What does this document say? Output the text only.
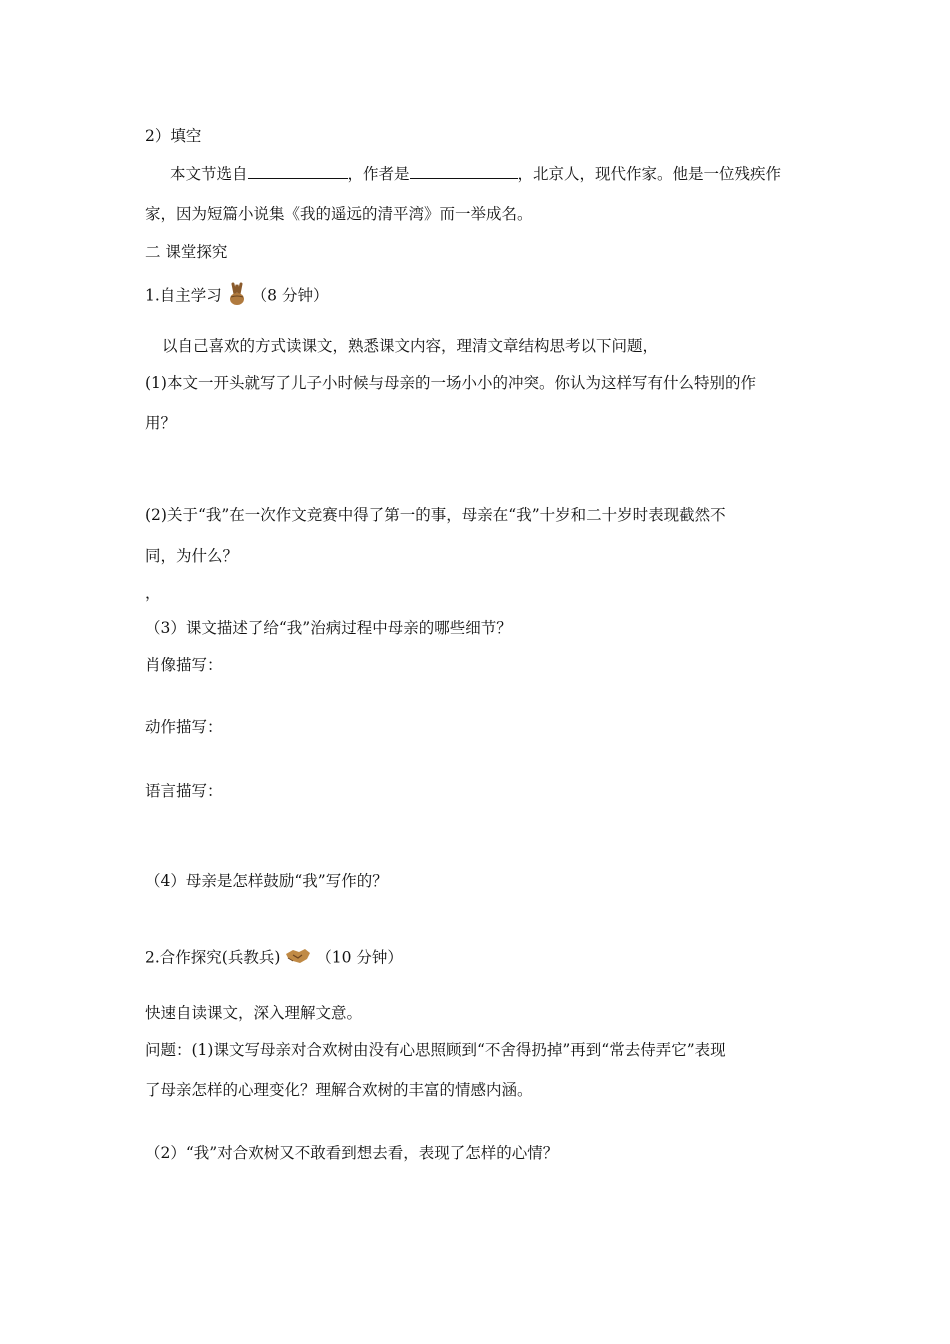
2）填空
本文节选自	，作者是	，北京人，现代作家。他是一位残疾作
家，因为短篇小说集《我的遥远的清平湾》而一举成名。
二 课堂探究
1.自主学习 （8 分钟）
以自己喜欢的方式读课文，熟悉课文内容，理清文章结构思考以下问题，
(1)本文一开头就写了儿子小时候与母亲的一场小小的冲突。你认为这样写有什么特别的作
用？
(2)关于“我”在一次作文竞赛中得了第一的事，母亲在“我”十岁和二十岁时表现截然不
同，为什么？
，
（3）课文描述了给“我”治病过程中母亲的哪些细节？
肖像描写：
动作描写：
语言描写：
（4）母亲是怎样鼓励“我”写作的？
2.合作探究(兵教兵) （10 分钟）
快速自读课文，深入理解文意。
问题：(1)课文写母亲对合欢树由没有心思照顾到“不舍得扔掉”再到“常去侍弄它”表现
了母亲怎样的心理变化？理解合欢树的丰富的情感内涵。
（2）“我”对合欢树又不敢看到想去看，表现了怎样的心情？
